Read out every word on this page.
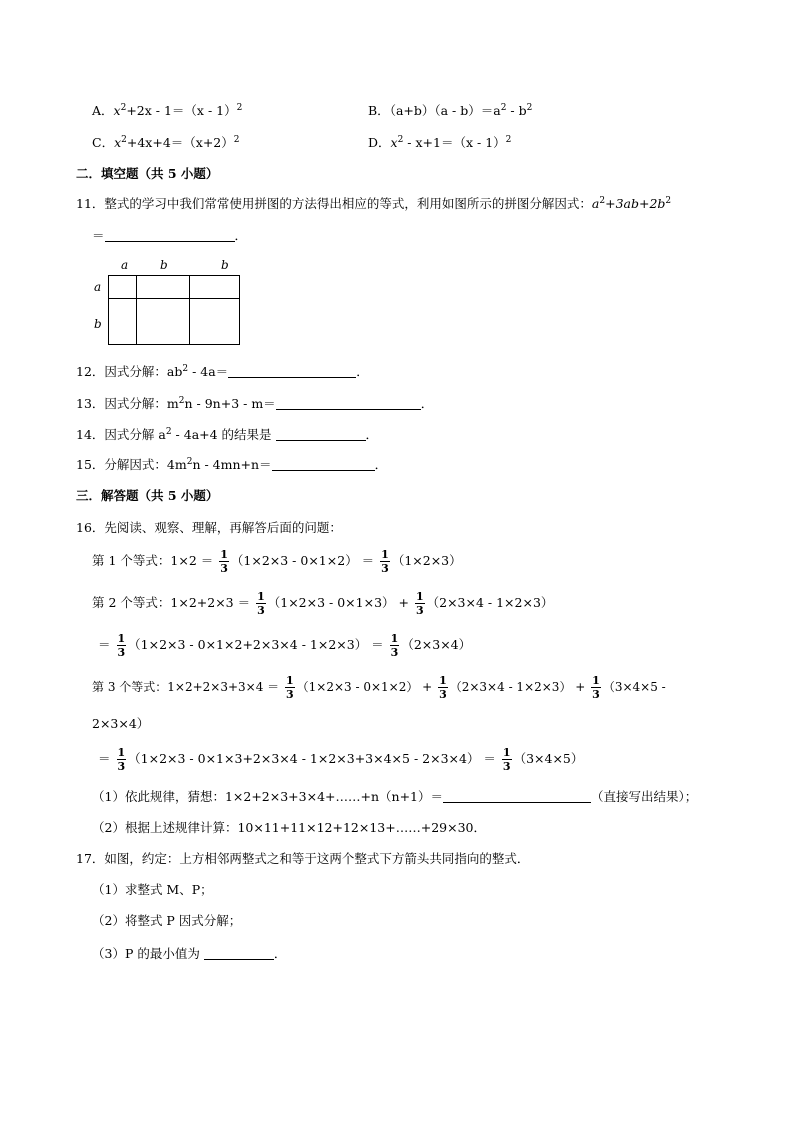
A．$x^2+2x - 1=(x - 1)^2$	B．$(a+b)(a - b)=a^2 - b^2$
C．$x^2+4x+4=(x+2)^2$	D．$x^2 - x+1=(x - 1)^2$
二．填空题（共 5 小题）
11．整式的学习中我们常常使用拼图的方法得出相应的等式，利用如图所示的拼图分解因式：$a^2+3ab+2b^2$
＝	．
a	b	b
a
b
12．因式分解：$ab^2 - 4a=$	．
13．因式分解：$m^2n - 9n+3 - m=$	．
14．因式分解 $a^2 - 4a+4$ 的结果是	．
15．分解因式：$4m^2n - 4mn+n=$	．
三．解答题（共 5 小题）
16．先阅读、观察、理解，再解答后面的问题：
第 1 个等式：$1\times 2 = \frac{1}{3} (1\times 2\times 3 - 0\times 1\times 2) = \frac{1}{3} (1\times 2\times 3)$
第 2 个等式：$1\times 2+2\times 3 = \frac{1}{3} (1\times 2\times 3 - 0\times 1\times 3) + \frac{1}{3} (2\times 3\times 4 - 1\times 2\times 3)$
＝ $\frac{1}{3} (1\times 2\times 3 - 0\times 1\times 2+2\times 3\times 4 - 1\times 2\times 3) = \frac{1}{3} (2\times 3\times 4)$
第 3 个等式：$1\times 2+2\times 3+3\times 4 = \frac{1}{3} (1\times 2\times 3 - 0\times 1\times 2) + \frac{1}{3} (2\times 3\times 4 - 1\times 2\times 3) + \frac{1}{3} (3\times 4\times 5$ -
2×3×4）
＝ $\frac{1}{3} (1\times 2\times 3 - 0\times 1\times 3+2\times 3\times 4 - 1\times 2\times 3+3\times 4\times 5 - 2\times 3\times 4) = \frac{1}{3} (3\times 4\times 5)$
（1）依此规律，猜想：1×2+2×3+3×4+……+n（n+1）＝	（直接写出结果）；
（2）根据上述规律计算：10×11+11×12+12×13+……+29×30．
17．如图，约定：上方相邻两整式之和等于这两个整式下方箭头共同指向的整式．
（1）求整式 M、P；
（2）将整式 P 因式分解；
（3）P 的最小值为	．
